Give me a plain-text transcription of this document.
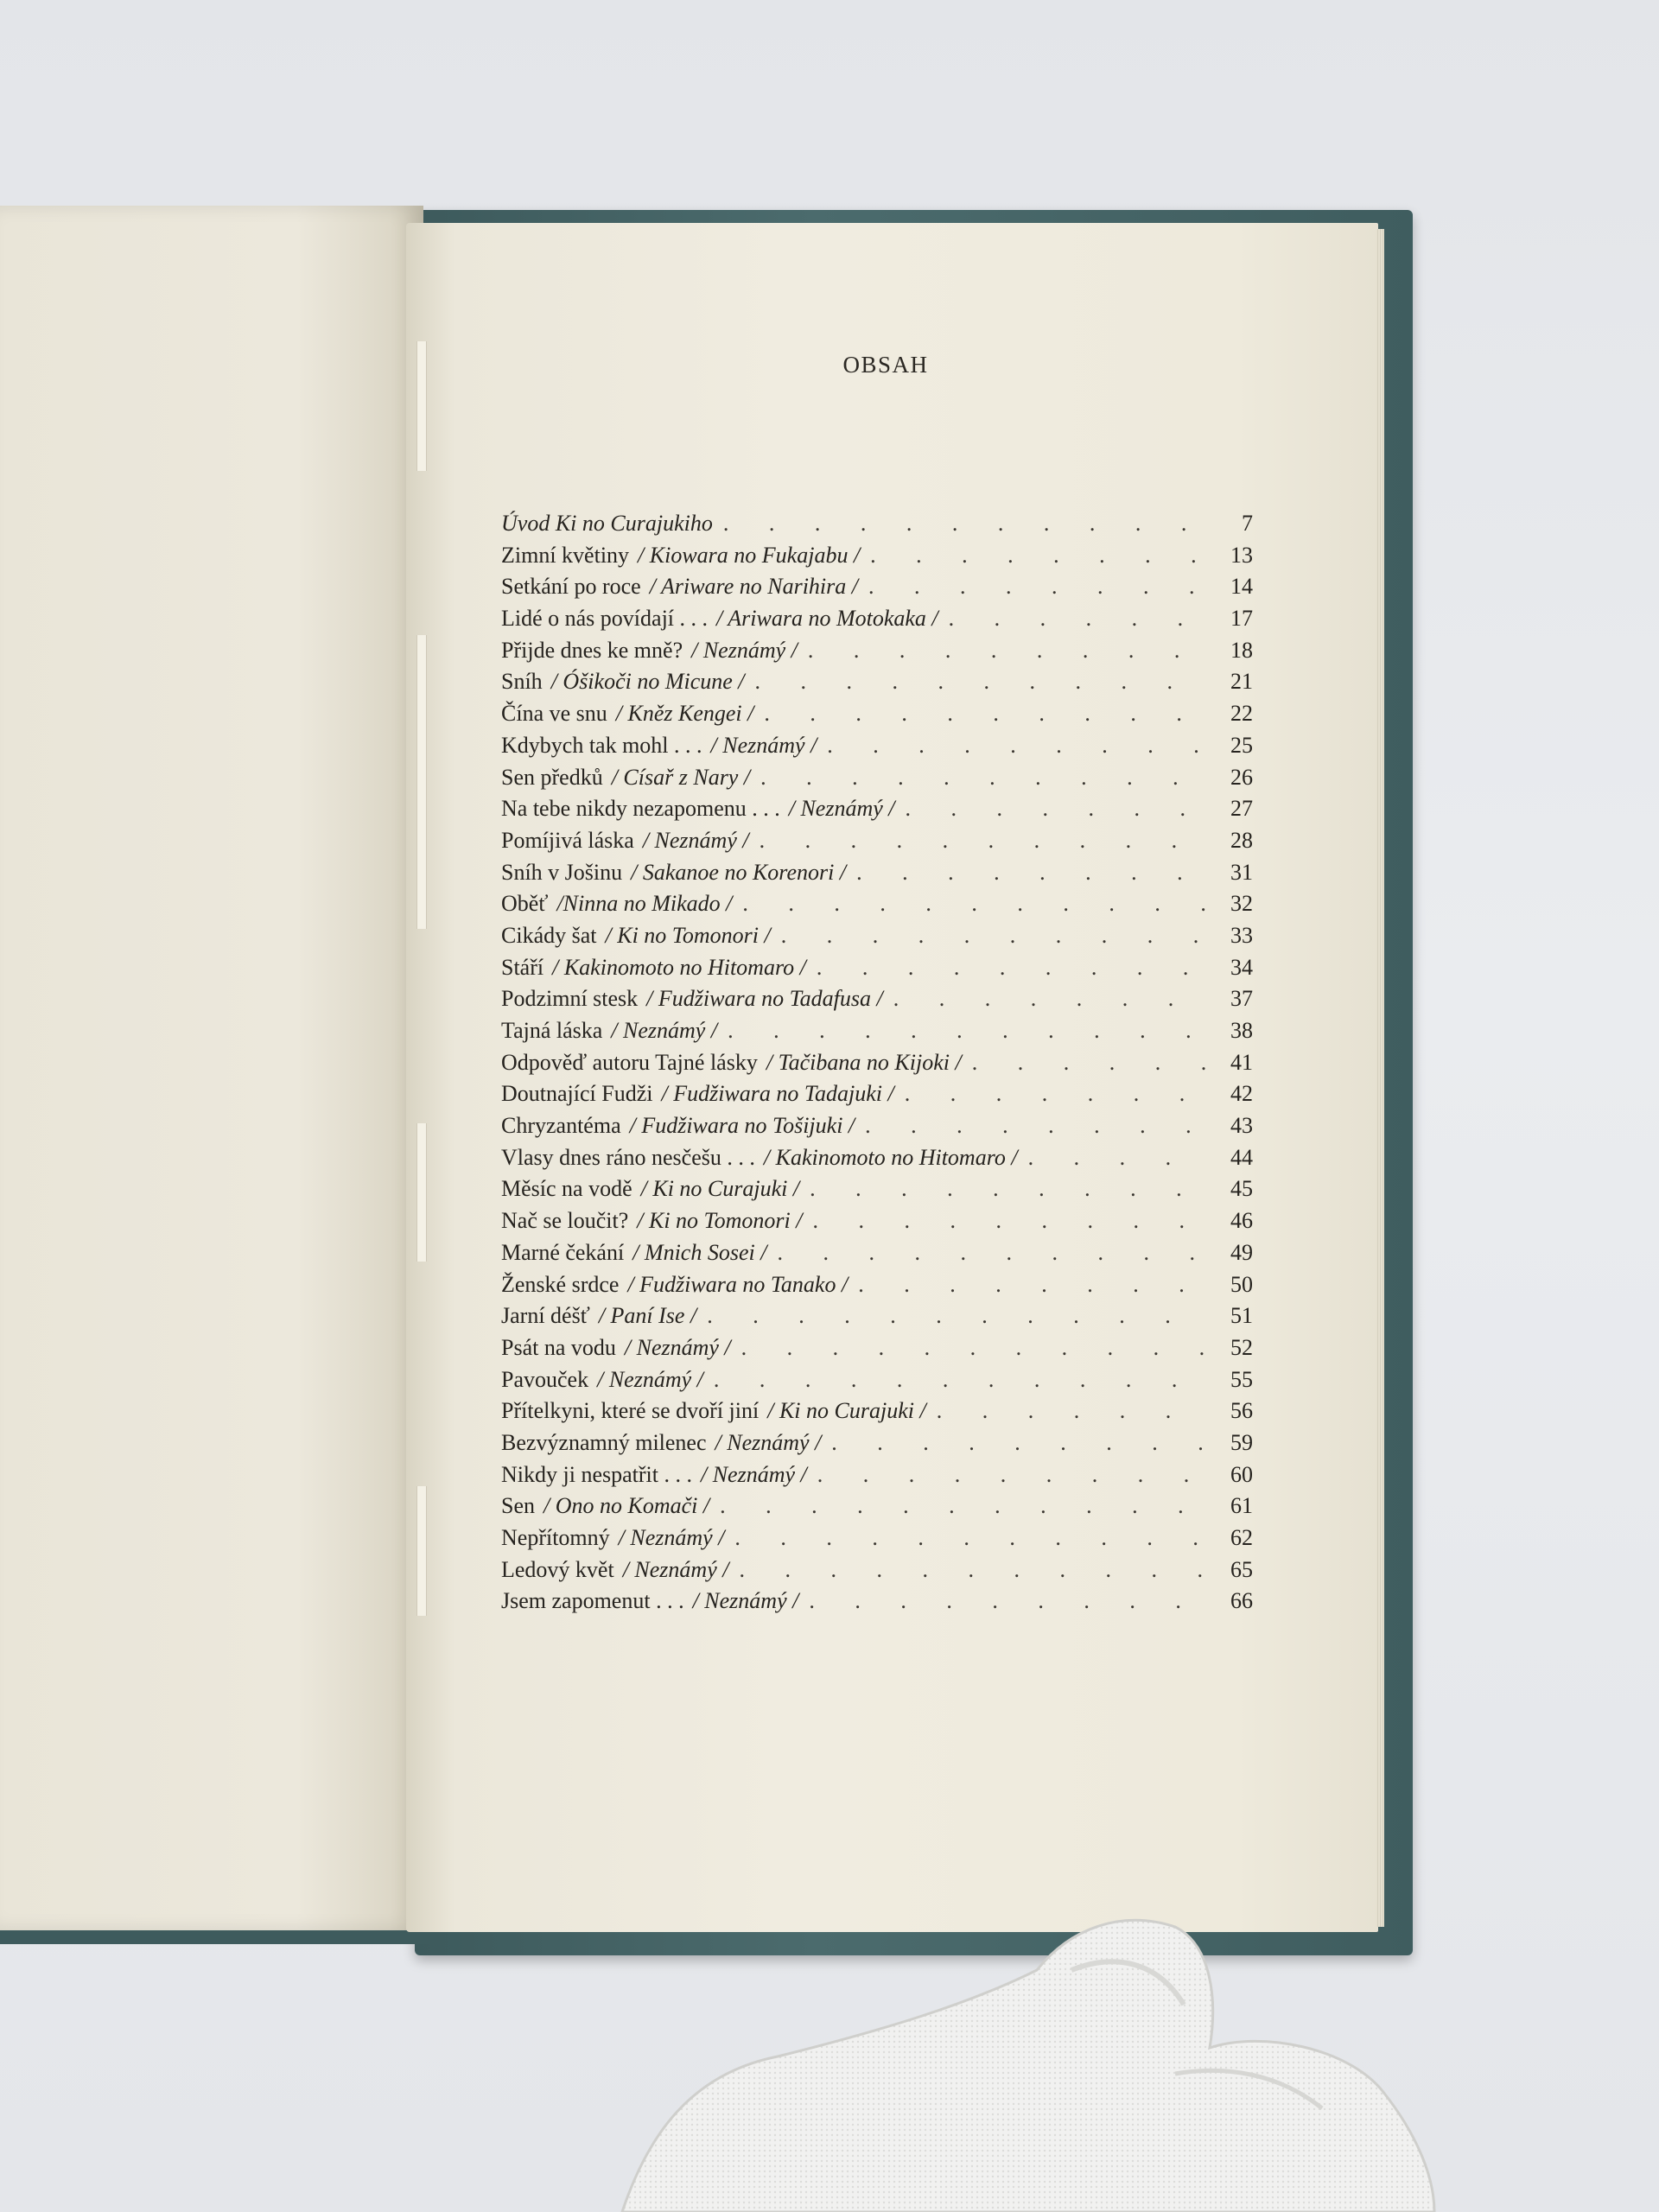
OBSAH
Úvod Ki no Curajukiho . . .	7
Zimní květiny / Kiowara no Fukajabu / . . .	13
Setkání po roce / Ariware no Narihira / . . .	14
Lidé o nás povídají . . . / Ariwara no Motokaka / . . .	17
Přijde dnes ke mně? / Neznámý / . . .	18
Sníh / Óšikoči no Micune / . . .	21
Čína ve snu / Kněz Kengei / . . .	22
Kdybych tak mohl . . . / Neznámý / . . .	25
Sen předků / Císař z Nary / . . .	26
Na tebe nikdy nezapomenu . . . / Neznámý / . . .	27
Pomíjivá láska / Neznámý / . . .	28
Sníh v Jošinu / Sakanoe no Korenori / . . .	31
Oběť /Ninna no Mikado / . . .	32
Cikády šat / Ki no Tomonori / . . .	33
Stáří / Kakinomoto no Hitomaro / . . .	34
Podzimní stesk / Fudžiwara no Tadafusa / . . .	37
Tajná láska / Neznámý / . . .	38
Odpověď autoru Tajné lásky / Tačibana no Kijoki / . . .	41
Doutnající Fudži / Fudžiwara no Tadajuki / . . .	42
Chryzantéma / Fudžiwara no Tošijuki / . . .	43
Vlasy dnes ráno nesčešu . . . / Kakinomoto no Hitomaro / . . .	44
Měsíc na vodě / Ki no Curajuki / . . .	45
Nač se loučit? / Ki no Tomonori / . . .	46
Marné čekání / Mnich Sosei / . . .	49
Ženské srdce / Fudžiwara no Tanako / . . .	50
Jarní déšť / Paní Ise / . . .	51
Psát na vodu / Neznámý / . . .	52
Pavouček / Neznámý / . . .	55
Přítelkyni, které se dvoří jiní / Ki no Curajuki / . . .	56
Bezvýznamný milenec / Neznámý / . . .	59
Nikdy ji nespatřit . . . / Neznámý / . . .	60
Sen / Ono no Komači / . . .	61
Nepřítomný / Neznámý / . . .	62
Ledový květ / Neznámý / . . .	65
Jsem zapomenut . . . / Neznámý / . . .	66
